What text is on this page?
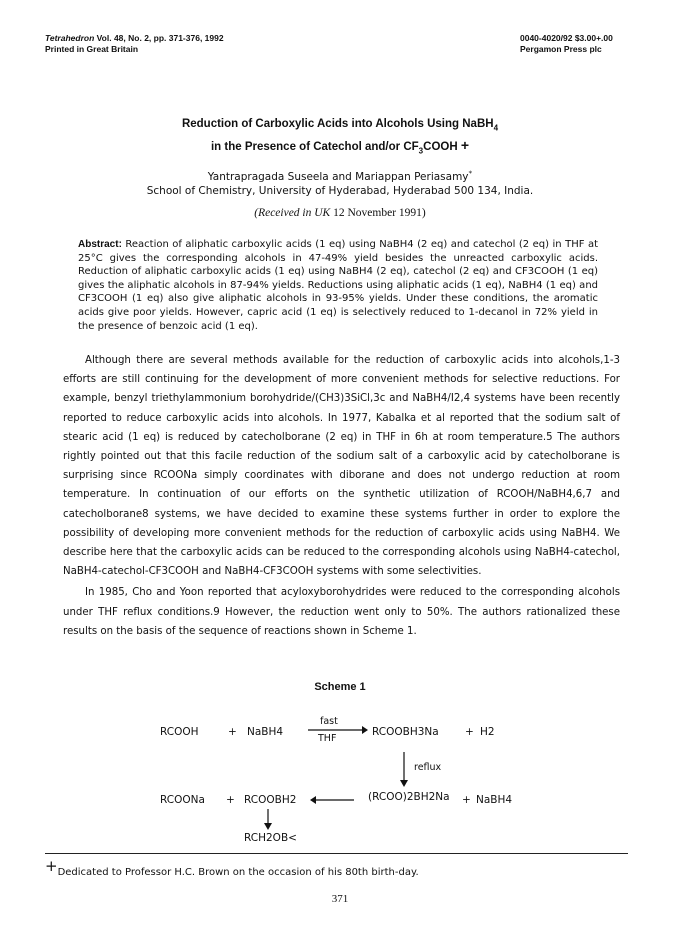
Tetrahedron Vol. 48, No. 2, pp. 371-376, 1992
Printed in Great Britain
0040-4020/92 $3.00+.00
Pergamon Press plc
Reduction of Carboxylic Acids into Alcohols Using NaBH$_4$
in the Presence of Catechol and/or $CF_3COOH$ +
Yantrapragada Suseela and Mariappan Periasamy*
School of Chemistry, University of Hyderabad, Hyderabad 500 134, India.
(Received in UK 12 November 1991)
Abstract: Reaction of aliphatic carboxylic acids (1 eq) using NaBH4 (2 eq) and catechol (2 eq) in THF at 25°C gives the corresponding alcohols in 47-49% yield besides the unreacted carboxylic acids. Reduction of aliphatic carboxylic acids (1 eq) using NaBH4 (2 eq), catechol (2 eq) and CF3COOH (1 eq) gives the aliphatic alcohols in 87-94% yields. Reductions using aliphatic acids (1 eq), NaBH4 (1 eq) and CF3COOH (1 eq) also give aliphatic alcohols in 93-95% yields. Under these conditions, the aromatic acids give poor yields. However, capric acid (1 eq) is selectively reduced to 1-decanol in 72% yield in the presence of benzoic acid (1 eq).

Although there are several methods available for the reduction of carboxylic acids into alcohols,1-3 efforts are still continuing for the development of more convenient methods for selective reductions. For example, benzyl triethylammonium borohydride/(CH3)3SiCl,3c and NaBH4/I2,4 systems have been recently reported to reduce carboxylic acids into alcohols. In 1977, Kabalka et al reported that the sodium salt of stearic acid (1 eq) is reduced by catecholborane (2 eq) in THF in 6h at room temperature.5 The authors rightly pointed out that this facile reduction of the sodium salt of a carboxylic acid by catecholborane is surprising since RCOONa simply coordinates with diborane and does not undergo reduction at room temperature. In continuation of our efforts on the synthetic utilization of RCOOH/NaBH4,6,7 and catecholborane8 systems, we have decided to examine these systems further in order to explore the possibility of developing more convenient methods for the reduction of carboxylic acids using NaBH4. We describe here that the carboxylic acids can be reduced to the corresponding alcohols using NaBH4-catechol, NaBH4-catechol-CF3COOH and NaBH4-CF3COOH systems with some selectivities.

In 1985, Cho and Yoon reported that acyloxyborohydrides were reduced to the corresponding alcohols under THF reflux conditions.9 However, the reduction went only to 50%. The authors rationalized these results on the basis of the sequence of reactions shown in Scheme 1.

Scheme 1
RCOOH	+ NaBH4
fast
THF
RCOOBH3Na	+ H2
reflux
RCOONa + RCOOBH2	(RCOO)2BH2Na + NaBH4
RCH2OB<
+Dedicated to Professor H.C. Brown on the occasion of his 80th birth-day.
371
